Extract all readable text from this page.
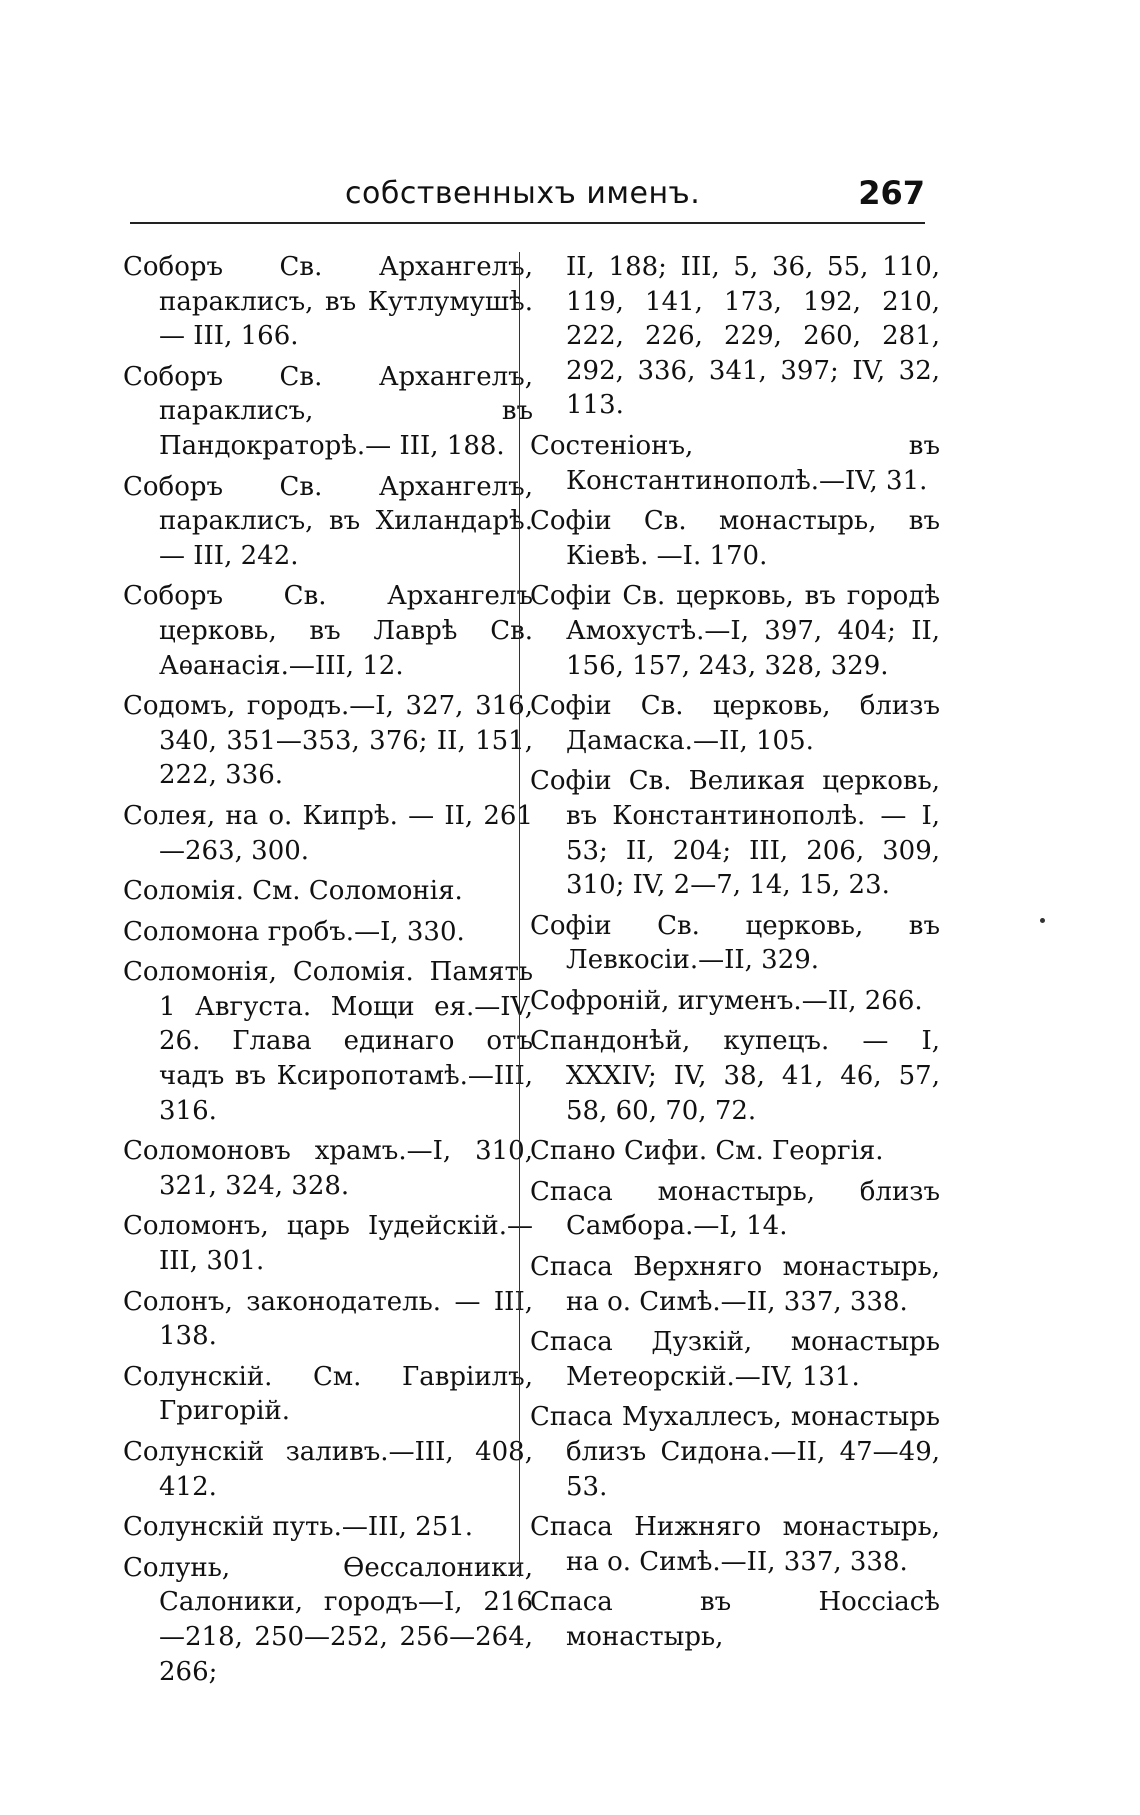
собственныхъ именъ.	267
Соборъ Св. Архангелъ, параклисъ, въ Кутлумушѣ. — III, 166.
Соборъ Св. Архангелъ, параклисъ, въ Пандократорѣ.— III, 188.
Соборъ Св. Архангелъ, параклисъ, въ Хиландарѣ. — III, 242.
Соборъ Св. Архангелъ церковь, въ Лаврѣ Св. Аѳанасія.—III, 12.
Содомъ, городъ.—I, 327, 316, 340, 351—353, 376; II, 151, 222, 336.
Солея, на о. Кипрѣ. — II, 261—263, 300.
Соломія. См. Соломонія.
Соломона гробъ.—I, 330.
Соломонія, Соломія. Память 1 Августа. Мощи ея.—IV, 26. Глава единаго отъ чадъ въ Ксиропотамѣ.—III, 316.
Соломоновъ храмъ.—I, 310, 321, 324, 328.
Соломонъ, царь Іудейскій.— III, 301.
Солонъ, законодатель. — III, 138.
Солунскій. См. Гавріилъ, Григорій.
Солунскій заливъ.—III, 408, 412.
Солунскій путь.—III, 251.
Солунь, Ѳессалоники, Салоники, городъ—I, 216—218, 250—252, 256—264, 266;
II, 188; III, 5, 36, 55, 110, 119, 141, 173, 192, 210, 222, 226, 229, 260, 281, 292, 336, 341, 397; IV, 32, 113.
Состеніонъ, въ Константинополѣ.—IV, 31.
Софіи Св. монастырь, въ Кіевѣ. —I. 170.
Софіи Св. церковь, въ городѣ Амохустѣ.—I, 397, 404; II, 156, 157, 243, 328, 329.
Софіи Св. церковь, близъ Дамаска.—II, 105.
Софіи Св. Великая церковь, въ Константинополѣ. — I, 53; II, 204; III, 206, 309, 310; IV, 2—7, 14, 15, 23.
Софіи Св. церковь, въ Левкосіи.—II, 329.
Софроній, игуменъ.—II, 266.
Спандонѣй, купецъ. — I, XXXIV; IV, 38, 41, 46, 57, 58, 60, 70, 72.
Спано Сифи. См. Георгія.
Спаса монастырь, близъ Самбора.—I, 14.
Спаса Верхняго монастырь, на о. Симѣ.—II, 337, 338.
Спаса Дузкій, монастырь Метеорскій.—IV, 131.
Спаса Мухаллесъ, монастырь близъ Сидона.—II, 47—49, 53.
Спаса Нижняго монастырь, на о. Симѣ.—II, 337, 338.
Спаса въ Носсіасѣ монастырь,
